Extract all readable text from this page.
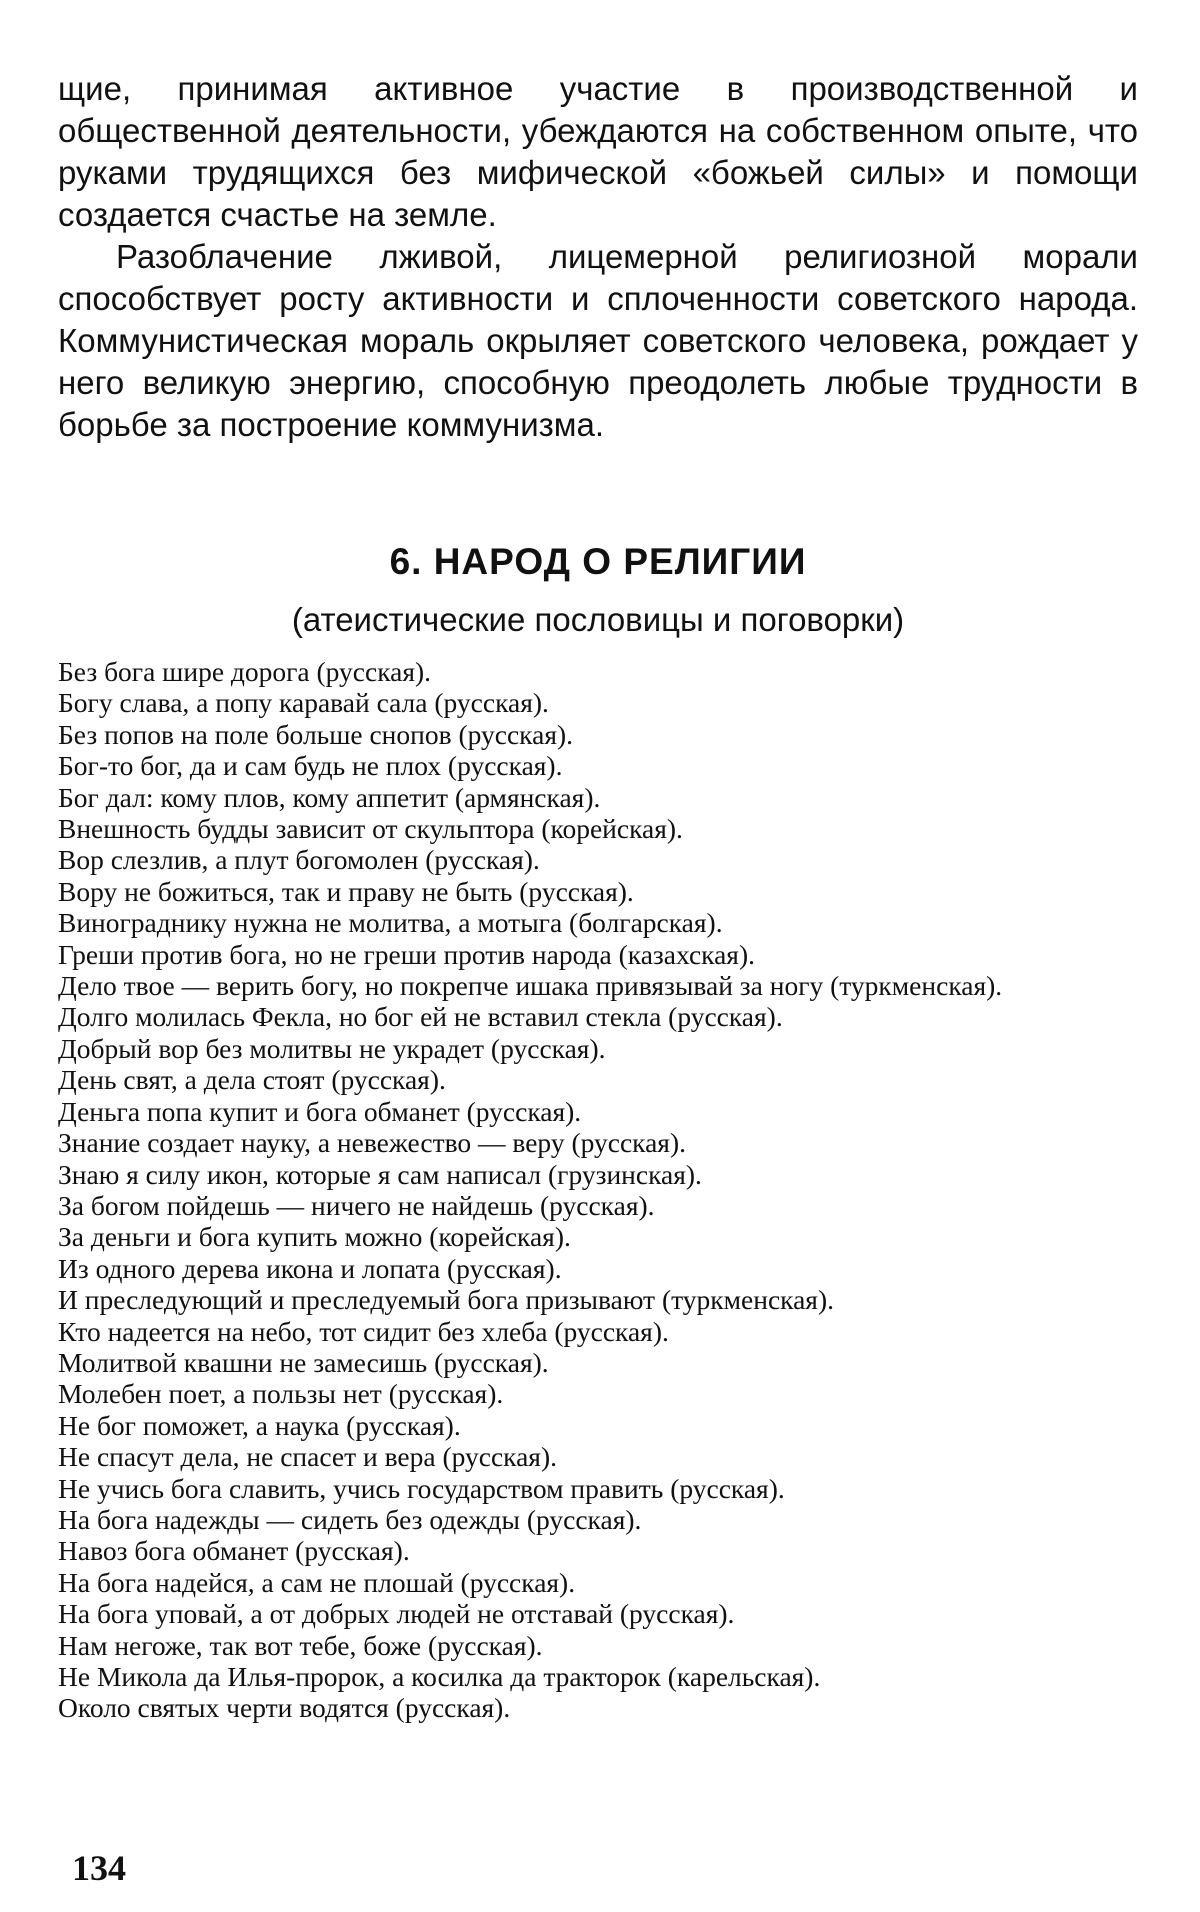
щие, принимая активное участие в производственной и общественной деятельности, убеждаются на собственном опыте, что руками трудящихся без мифической «божьей силы» и помощи создается счастье на земле.

Разоблачение лживой, лицемерной религиозной морали способствует росту активности и сплоченности советского народа. Коммунистическая мораль окрыляет советского человека, рождает у него великую энергию, способную преодолеть любые трудности в борьбе за построение коммунизма.

6. НАРОД О РЕЛИГИИ
(атеистические пословицы и поговорки)
Без бога шире дорога (русская).
Богу слава, а попу каравай сала (русская).
Без попов на поле больше снопов (русская).
Бог-то бог, да и сам будь не плох (русская).
Бог дал: кому плов, кому аппетит (армянская).
Внешность будды зависит от скульптора (корейская).
Вор слезлив, а плут богомолен (русская).
Вору не божиться, так и праву не быть (русская).
Винограднику нужна не молитва, а мотыга (болгарская).
Греши против бога, но не греши против народа (казахская).
Дело твое — верить богу, но покрепче ишака привязывай за ногу (туркменская).
Долго молилась Фекла, но бог ей не вставил стекла (русская).
Добрый вор без молитвы не украдет (русская).
День свят, а дела стоят (русская).
Деньга попа купит и бога обманет (русская).
Знание создает науку, а невежество — веру (русская).
Знаю я силу икон, которые я сам написал (грузинская).
За богом пойдешь — ничего не найдешь (русская).
За деньги и бога купить можно (корейская).
Из одного дерева икона и лопата (русская).
И преследующий и преследуемый бога призывают (туркменская).
Кто надеется на небо, тот сидит без хлеба (русская).
Молитвой квашни не замесишь (русская).
Молебен поет, а пользы нет (русская).
Не бог поможет, а наука (русская).
Не спасут дела, не спасет и вера (русская).
Не учись бога славить, учись государством править (русская).
На бога надежды — сидеть без одежды (русская).
Навоз бога обманет (русская).
На бога надейся, а сам не плошай (русская).
На бога уповай, а от добрых людей не отставай (русская).
Нам негоже, так вот тебе, боже (русская).
Не Микола да Илья-пророк, а косилка да тракторок (карельская).
Около святых черти водятся (русская).
134
